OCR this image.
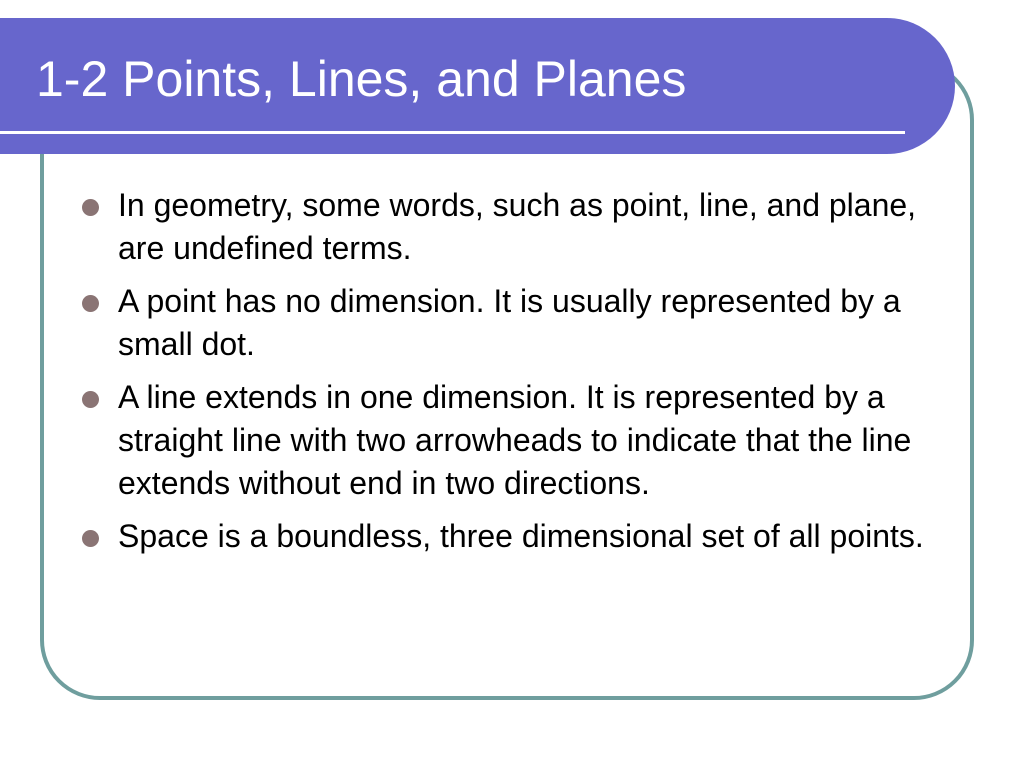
1-2 Points, Lines, and Planes
In geometry, some words, such as point, line, and plane, are undefined terms.
A point has no dimension. It is usually represented by a small dot.
A line extends in one dimension. It is represented by a straight line with two arrowheads to indicate that the line extends without end in two directions.
Space is a boundless, three dimensional set of all points.
